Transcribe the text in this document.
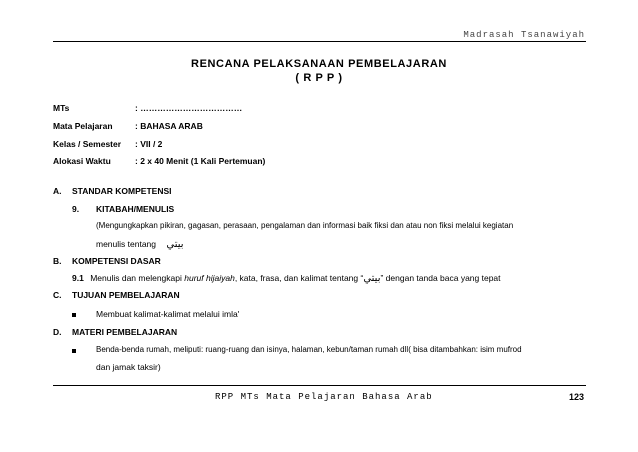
Madrasah Tsanawiyah
RENCANA PELAKSANAAN PEMBELAJARAN
( R P P )
MTs	: ………………………………
Mata Pelajaran	: BAHASA ARAB
Kelas / Semester : VII / 2
Alokasi Waktu	: 2 x 40 Menit (1 Kali Pertemuan)
A. STANDAR KOMPETENSI
9. KITABAH/MENULIS
(Mengungkapkan pikiran, gagasan, perasaan, pengalaman dan informasi baik fiksi dan atau non fiksi melalui kegiatan
menulis tentang بيتي
B. KOMPETENSI DASAR
9.1 Menulis dan melengkapi huruf hijaiyah, kata, frasa, dan kalimat tentang “بيتي” dengan tanda baca yang tepat
C. TUJUAN PEMBELAJARAN
Membuat kalimat-kalimat melalui imla'
D. MATERI PEMBELAJARAN
Benda-benda rumah, meliputi: ruang-ruang dan isinya, halaman, kebun/taman rumah dll( bisa ditambahkan: isim mufrod
dan jamak taksir)
RPP MTs Mata Pelajaran Bahasa Arab	123
